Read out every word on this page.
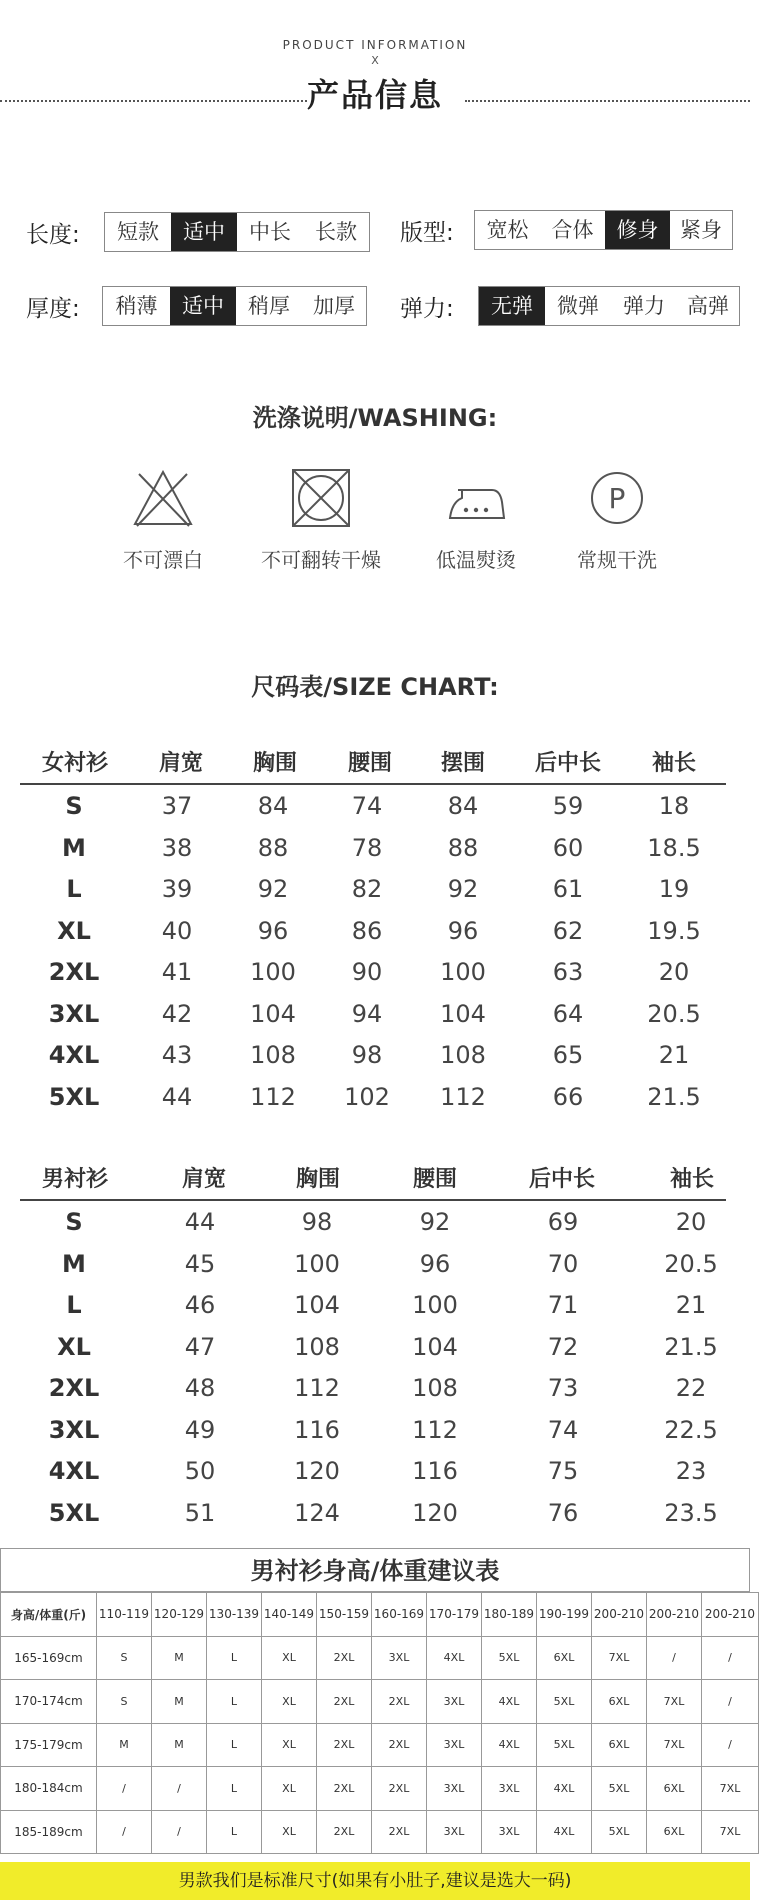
PRODUCT INFORMATION
X
产品信息
长度:	短款	适中	中长	长款	版型:	宽松	合体	修身	紧身
厚度:	稍薄	适中	稍厚	加厚	弹力:	无弹	微弹	弹力	高弹
洗涤说明/WASHING:
不可漂白	不可翻转干燥	低温熨烫
P
常规干洗
尺码表/SIZE CHART:
女衬衫 肩宽 胸围 腰围 摆围 后中长 袖长
S	37	84	74	84	59	18
M	38	88	78	88	60	18.5
L	39	92	82	92	61	19
XL	40	96	86	96	62	19.5
2XL	41 100 90 100	63	20
3XL	42 104 94 104	64	20.5
4XL	43 108 98 108	65	21
5XL	44 112 102 112	66	21.5
男衬衫	肩宽	胸围	腰围	后中长	袖长
S	44	98	92	69	20
M	45	100	96	70	20.5
L	46	104	100	71	21
XL	47	108	104	72	21.5
2XL	48	112	108	73	22
3XL	49	116	112	74	22.5
4XL	50	120	116	75	23
5XL	51	124	120	76	23.5
男衬衫身高/体重建议表
身高/体重(斤)	110-119	120-129	130-139	140-149	150-159	160-169	170-179	180-189	190-199	200-210	200-210	200-210
165-169cm	S	M	L	XL	2XL	3XL	4XL	5XL	6XL	7XL	/	/
170-174cm	S	M	L	XL	2XL	2XL	3XL	4XL	5XL	6XL	7XL	/
175-179cm	M	M	L	XL	2XL	2XL	3XL	4XL	5XL	6XL	7XL	/
180-184cm	/	/	L	XL	2XL	2XL	3XL	3XL	4XL	5XL	6XL	7XL
185-189cm	/	/	L	XL	2XL	2XL	3XL	3XL	4XL	5XL	6XL	7XL
男款我们是标准尺寸(如果有小肚子,建议是选大一码)
